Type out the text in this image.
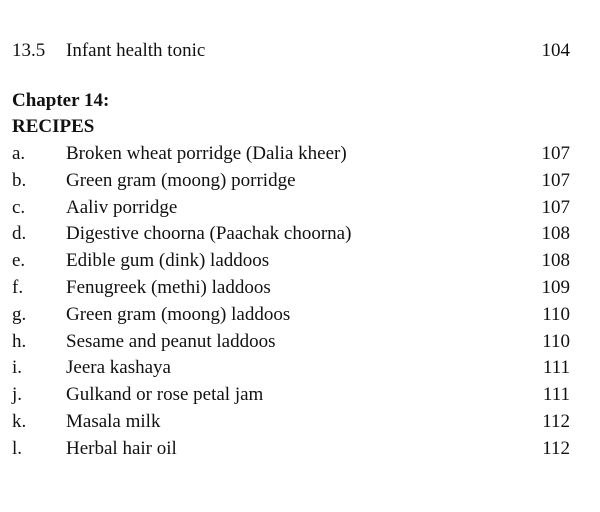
13.5 Infant health tonic	104
Chapter 14:
RECIPES
a. Broken wheat porridge (Dalia kheer)	107
b. Green gram (moong) porridge	107
c. Aaliv porridge	107
d. Digestive choorna (Paachak choorna)	108
e. Edible gum (dink) laddoos	108
f. Fenugreek (methi) laddoos	109
g. Green gram (moong) laddoos	110
h. Sesame and peanut laddoos	110
i. Jeera kashaya	111
j. Gulkand or rose petal jam	111
k. Masala milk	112
l. Herbal hair oil	112
